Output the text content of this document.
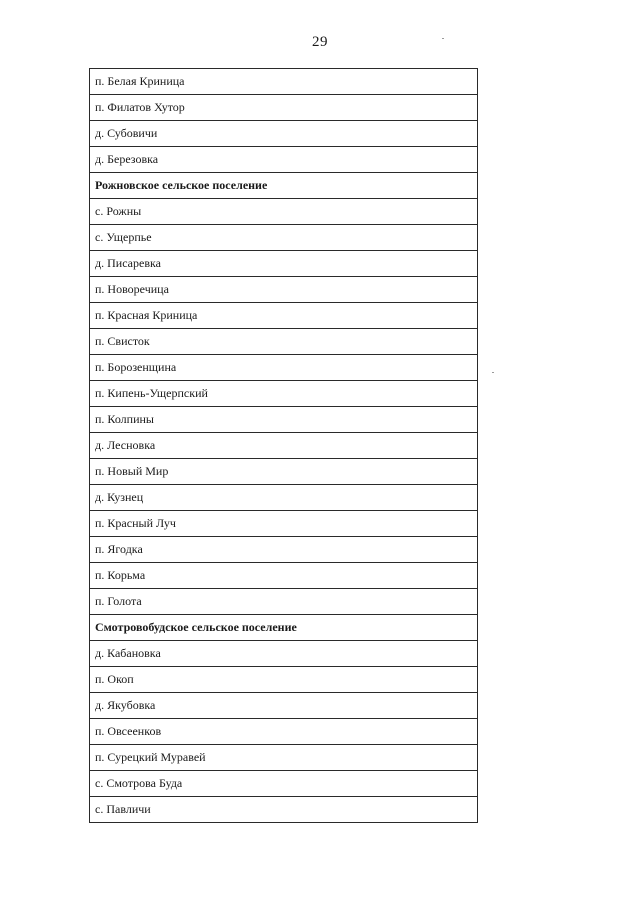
29
п. Белая Криница
п. Филатов Хутор
д. Субовичи
д. Березовка
Рожновское сельское поселение
с. Рожны
с. Ущерпье
д. Писаревка
п. Новоречица
п. Красная Криница
п. Свисток
п. Борозенщина
п. Кипень-Ущерпский
п. Колпины
д. Лесновка
п. Новый Мир
д. Кузнец
п. Красный Луч
п. Ягодка
п. Корьма
п. Голота
Смотровобудское сельское поселение
д. Кабановка
п. Окоп
д. Якубовка
п. Овсеенков
п. Сурецкий Муравей
с. Смотрова Буда
с. Павличи
